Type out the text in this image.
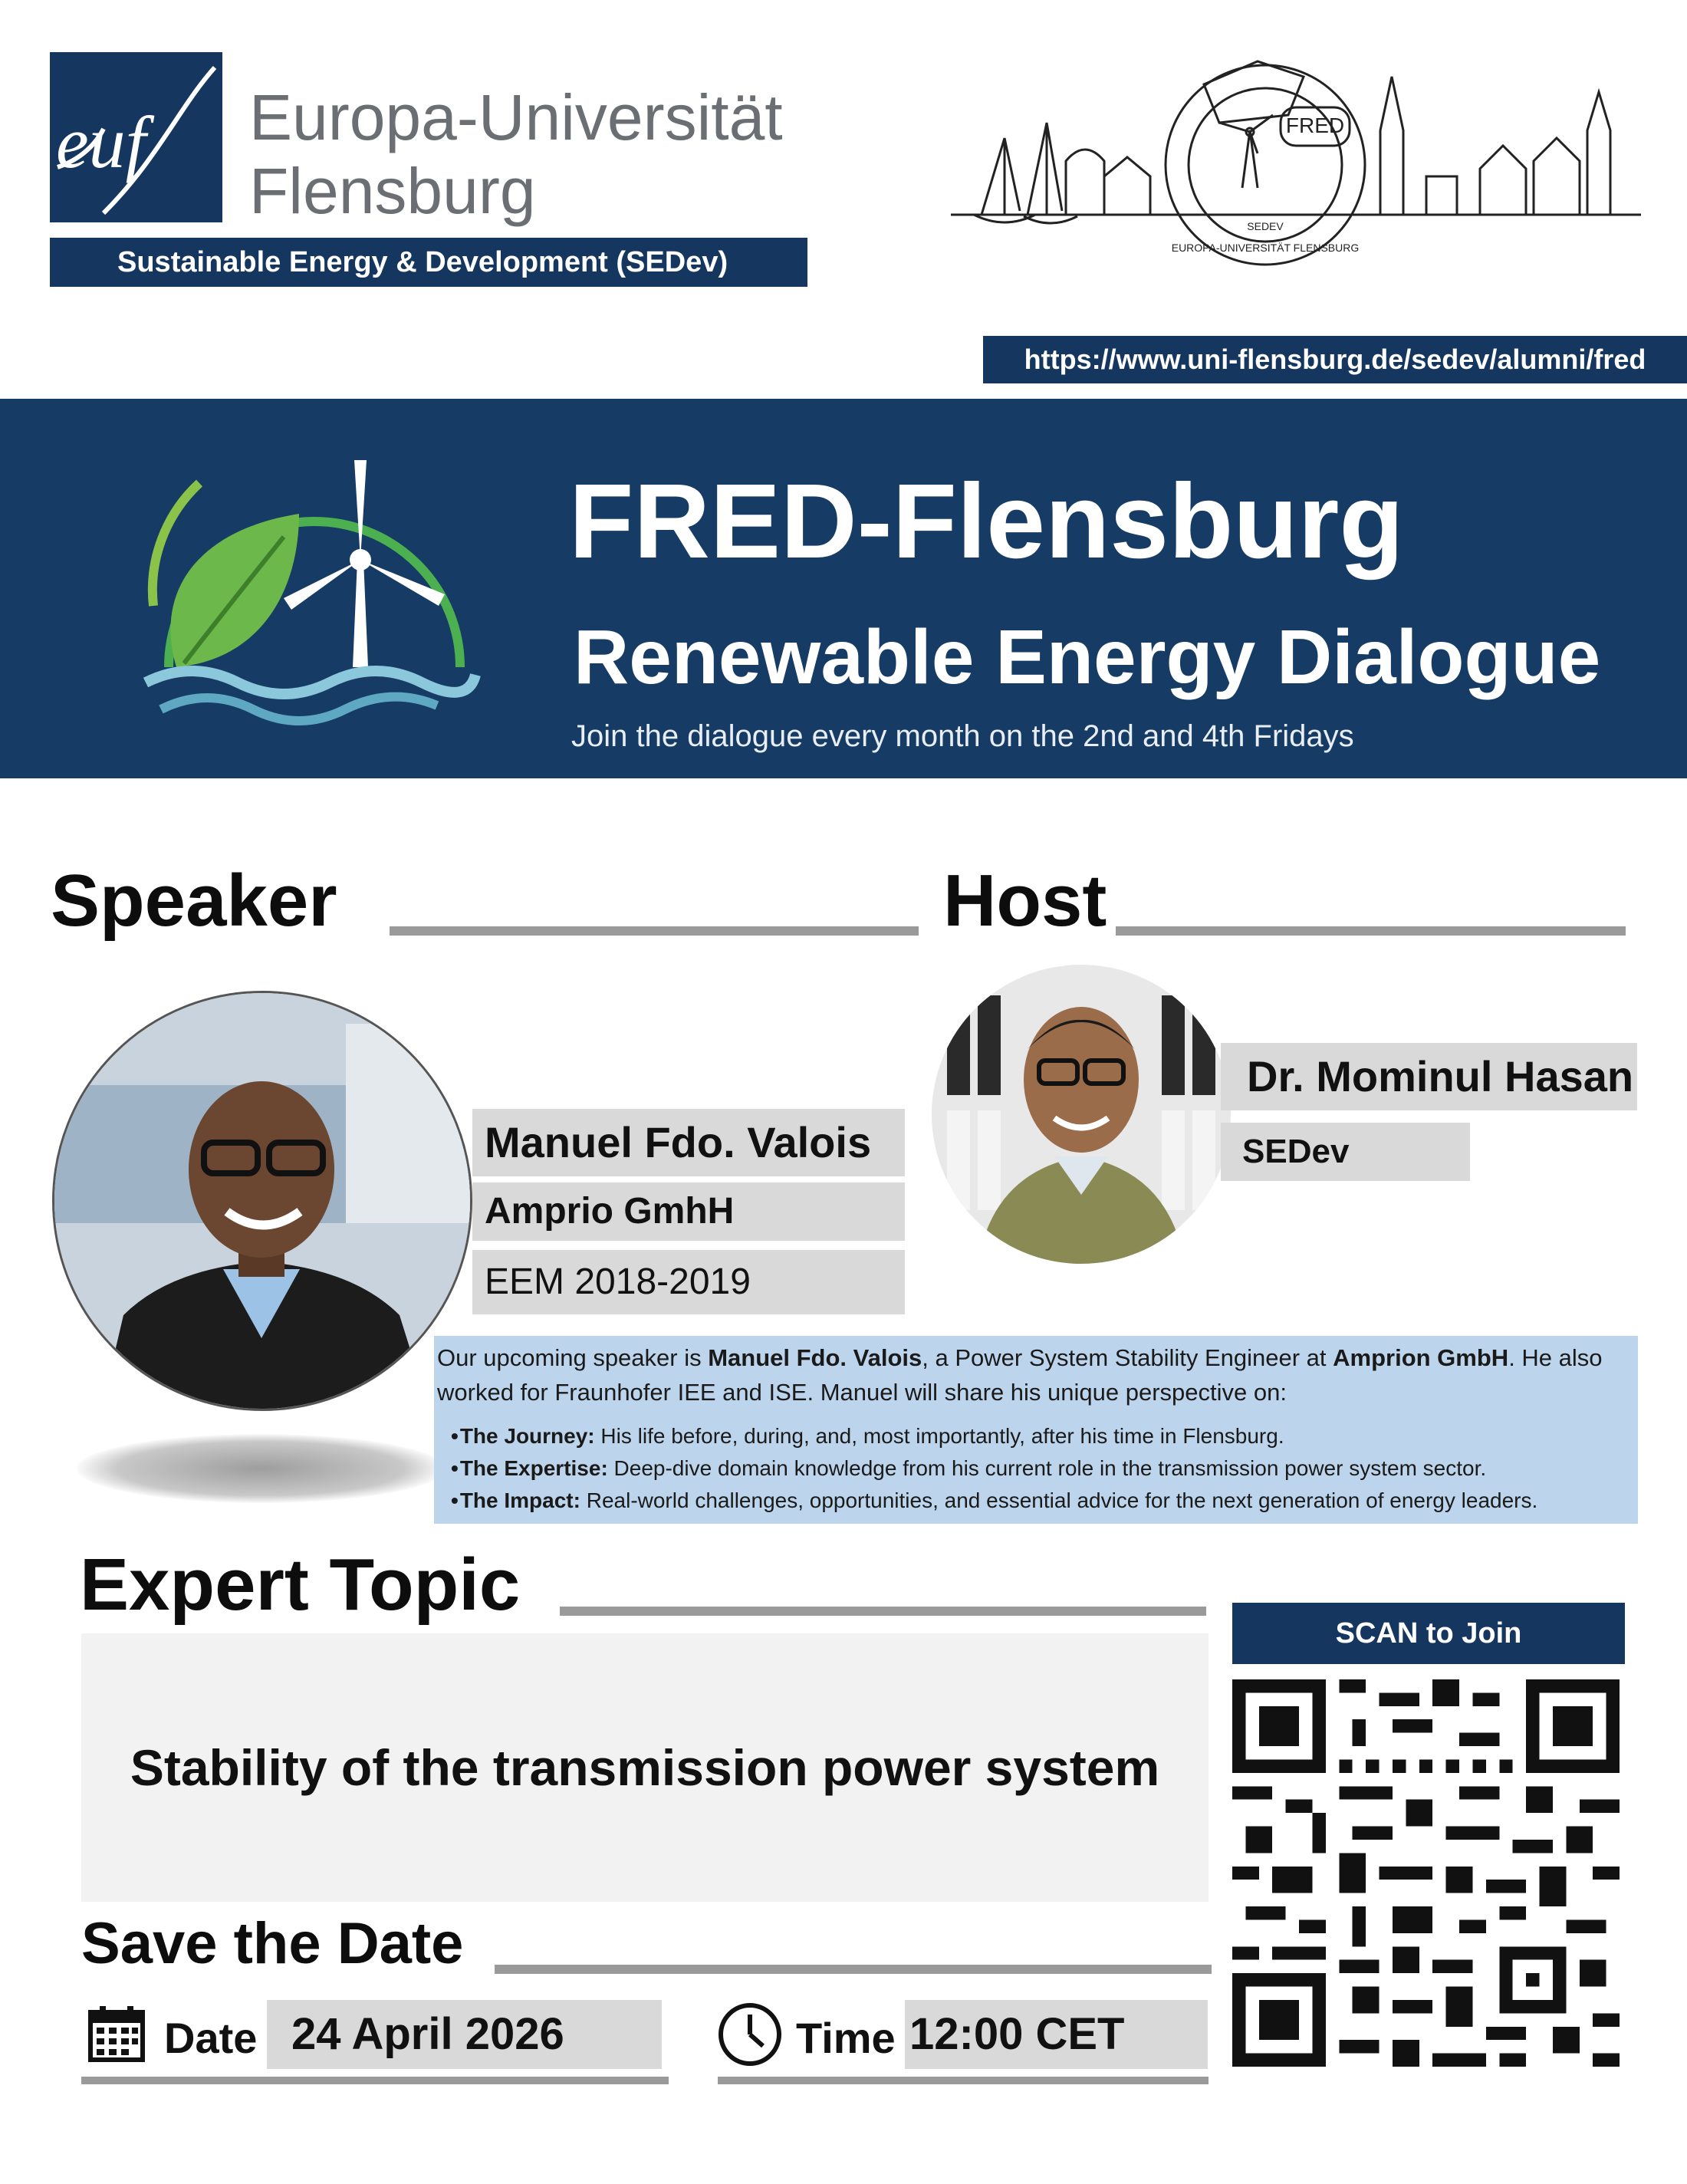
euf Europa-Universität
Flensburg
Sustainable Energy & Development (SEDev)
FRED
SEDEV
EUROPA-UNIVERSITÄT FLENSBURG
https://www.uni-flensburg.de/sedev/alumni/fred
FRED-Flensburg
Renewable Energy Dialogue
Join the dialogue every month on the 2nd and 4th Fridays
Speaker	Host
Manuel Fdo. Valois
Amprio GmhH
EEM 2018-2019
Dr. Mominul Hasan
SEDev
Our upcoming speaker is Manuel Fdo. Valois, a Power System Stability Engineer at Amprion GmbH. He also worked for Fraunhofer IEE and ISE. Manuel will share his unique perspective on:
• The Journey: His life before, during, and, most importantly, after his time in Flensburg.
• The Expertise: Deep-dive domain knowledge from his current role in the transmission power system sector.
• The Impact: Real-world challenges, opportunities, and essential advice for the next generation of energy leaders.
Expert Topic
Stability of the transmission power system
SCAN to Join
Save the Date
Date 24 April 2026	Time 12:00 CET
